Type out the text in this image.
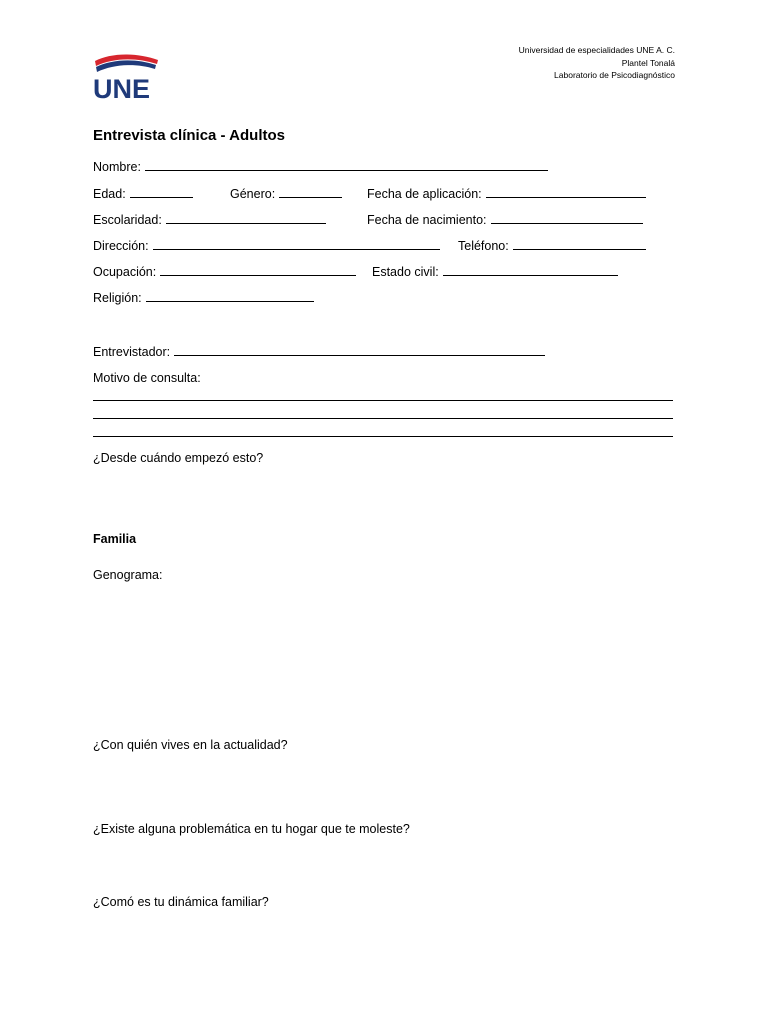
UNE
Universidad de especialidades UNE A. C.
Plantel Tonalá
Laboratorio de Psicodiagnóstico
Entrevista clínica - Adultos
Nombre:
Edad:	Género:	Fecha de aplicación:
Escolaridad:	Fecha de nacimiento:
Dirección:	Teléfono:
Ocupación:	Estado civil:
Religión:
Entrevistador:
Motivo de consulta:
¿Desde cuándo empezó esto?
Familia
Genograma:
¿Con quién vives en la actualidad?
¿Existe alguna problemática en tu hogar que te moleste?
¿Comó es tu dinámica familiar?
